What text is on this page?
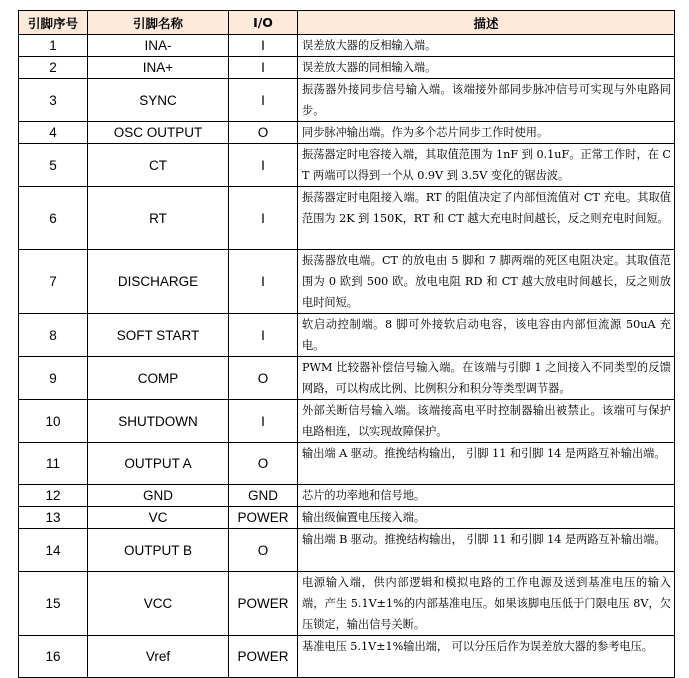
引脚序号	引脚名称	I/O	描述
1	INA-	I	误差放大器的反相输入端。
2	INA+	I	误差放大器的同相输入端。
3	SYNC	I	振荡器外接同步信号输入端。该端接外部同步脉冲信号可实现与外电路同步。
4	OSC OUTPUT	O	同步脉冲输出端。作为多个芯片同步工作时使用。
5	CT	I	振荡器定时电容接入端，其取值范围为 1nF 到 0.1uF。正常工作时，在 CT 两端可以得到一个从 0.9V 到 3.5V 变化的锯齿波。
6	RT	I	振荡器定时电阻接入端。RT 的阻值决定了内部恒流值对 CT 充电。其取值范围为 2K 到 150K，RT 和 CT 越大充电时间越长，反之则充电时间短。
7	DISCHARGE	I	振荡器放电端。CT 的放电由 5 脚和 7 脚两端的死区电阻决定。其取值范围为 0 欧到 500 欧。放电电阻 RD 和 CT 越大放电时间越长，反之则放电时间短。
8	SOFT START	I	软启动控制端。8 脚可外接软启动电容，该电容由内部恒流源 50uA 充电。
9	COMP	O	PWM 比较器补偿信号输入端。在该端与引脚 1 之间接入不同类型的反馈网路，可以构成比例、比例积分和积分等类型调节器。
10	SHUTDOWN	I	外部关断信号输入端。该端接高电平时控制器输出被禁止。该端可与保护电路相连，以实现故障保护。
11	OUTPUT A	O	输出端 A 驱动。推挽结构输出， 引脚 11 和引脚 14 是两路互补输出端。
12	GND	GND	芯片的功率地和信号地。
13	VC	POWER	输出级偏置电压接入端。
14	OUTPUT B	O	输出端 B 驱动。推挽结构输出， 引脚 11 和引脚 14 是两路互补输出端。
15	VCC	POWER	电源输入端，供内部逻辑和模拟电路的工作电源及送到基准电压的输入端，产生 5.1V±1%的内部基准电压。如果该脚电压低于门限电压 8V，欠压锁定，输出信号关断。
16	Vref	POWER	基准电压 5.1V±1%输出端， 可以分压后作为误差放大器的参考电压。
